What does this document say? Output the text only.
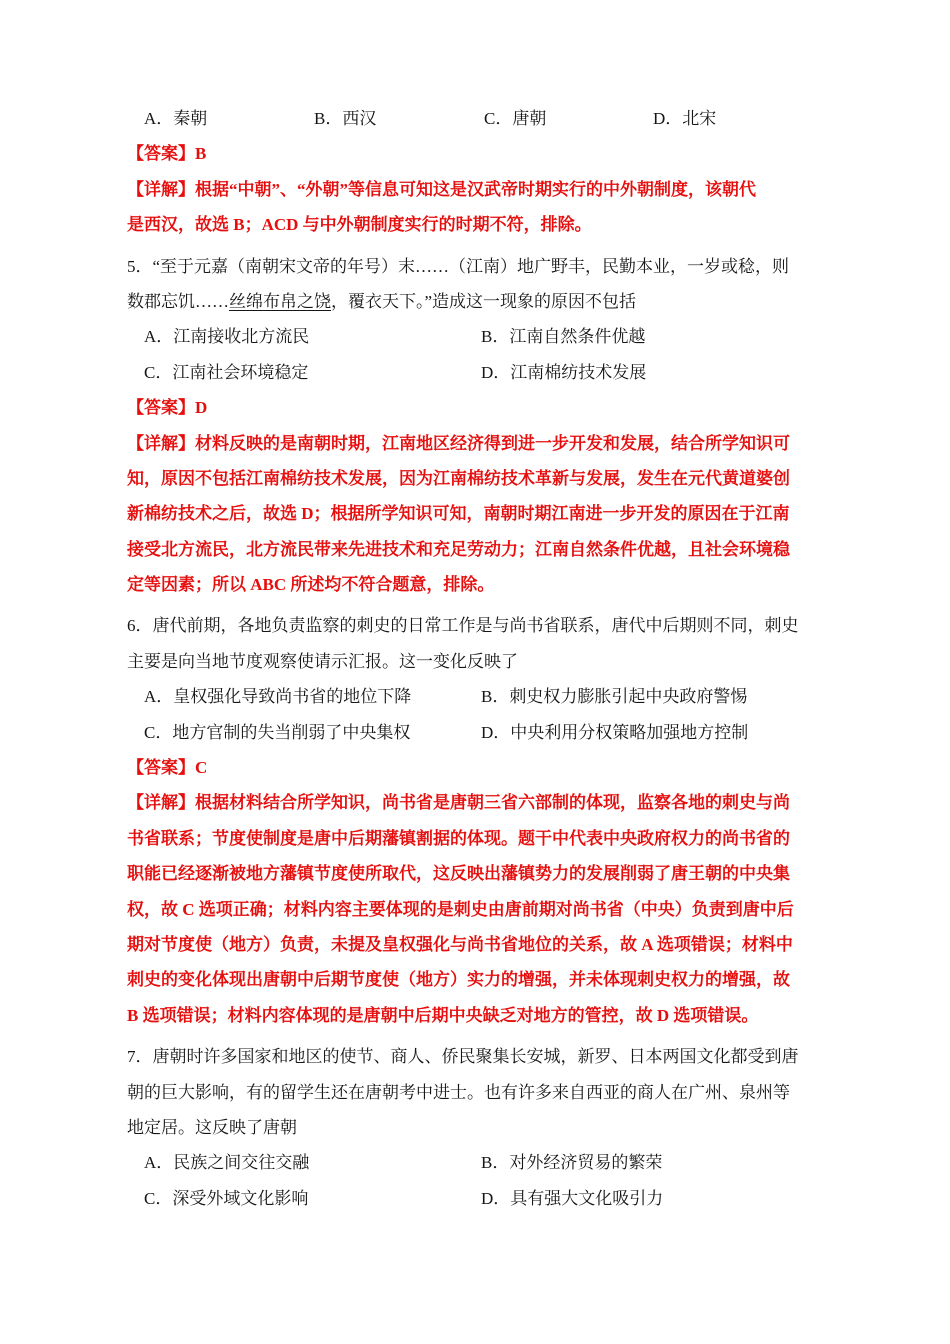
A．秦朝	B．西汉	C．唐朝	D．北宋
【答案】B
【详解】根据“中朝”、“外朝”等信息可知这是汉武帝时期实行的中外朝制度，该朝代
是西汉，故选 B；ACD 与中外朝制度实行的时期不符，排除。
5．“至于元嘉（南朝宋文帝的年号）末……（江南）地广野丰，民勤本业，一岁或稔，则
数郡忘饥……丝绵布帛之饶，覆衣天下。”造成这一现象的原因不包括
A．江南接收北方流民	B．江南自然条件优越
C．江南社会环境稳定	D．江南棉纺技术发展
【答案】D
【详解】材料反映的是南朝时期，江南地区经济得到进一步开发和发展，结合所学知识可
知，原因不包括江南棉纺技术发展，因为江南棉纺技术革新与发展，发生在元代黄道婆创
新棉纺技术之后，故选 D；根据所学知识可知，南朝时期江南进一步开发的原因在于江南
接受北方流民，北方流民带来先进技术和充足劳动力；江南自然条件优越，且社会环境稳
定等因素；所以 ABC 所述均不符合题意，排除。
6．唐代前期，各地负责监察的刺史的日常工作是与尚书省联系，唐代中后期则不同，刺史
主要是向当地节度观察使请示汇报。这一变化反映了
A．皇权强化导致尚书省的地位下降	B．刺史权力膨胀引起中央政府警惕
C．地方官制的失当削弱了中央集权	D．中央利用分权策略加强地方控制
【答案】C
【详解】根据材料结合所学知识，尚书省是唐朝三省六部制的体现，监察各地的刺史与尚
书省联系；节度使制度是唐中后期藩镇割据的体现。题干中代表中央政府权力的尚书省的
职能已经逐渐被地方藩镇节度使所取代，这反映出藩镇势力的发展削弱了唐王朝的中央集
权，故 C 选项正确；材料内容主要体现的是刺史由唐前期对尚书省（中央）负责到唐中后
期对节度使（地方）负责，未提及皇权强化与尚书省地位的关系，故 A 选项错误；材料中
刺史的变化体现出唐朝中后期节度使（地方）实力的增强，并未体现刺史权力的增强，故
B 选项错误；材料内容体现的是唐朝中后期中央缺乏对地方的管控，故 D 选项错误。
7．唐朝时许多国家和地区的使节、商人、侨民聚集长安城，新罗、日本两国文化都受到唐
朝的巨大影响，有的留学生还在唐朝考中进士。也有许多来自西亚的商人在广州、泉州等
地定居。这反映了唐朝
A．民族之间交往交融	B．对外经济贸易的繁荣
C．深受外域文化影响	D．具有强大文化吸引力
